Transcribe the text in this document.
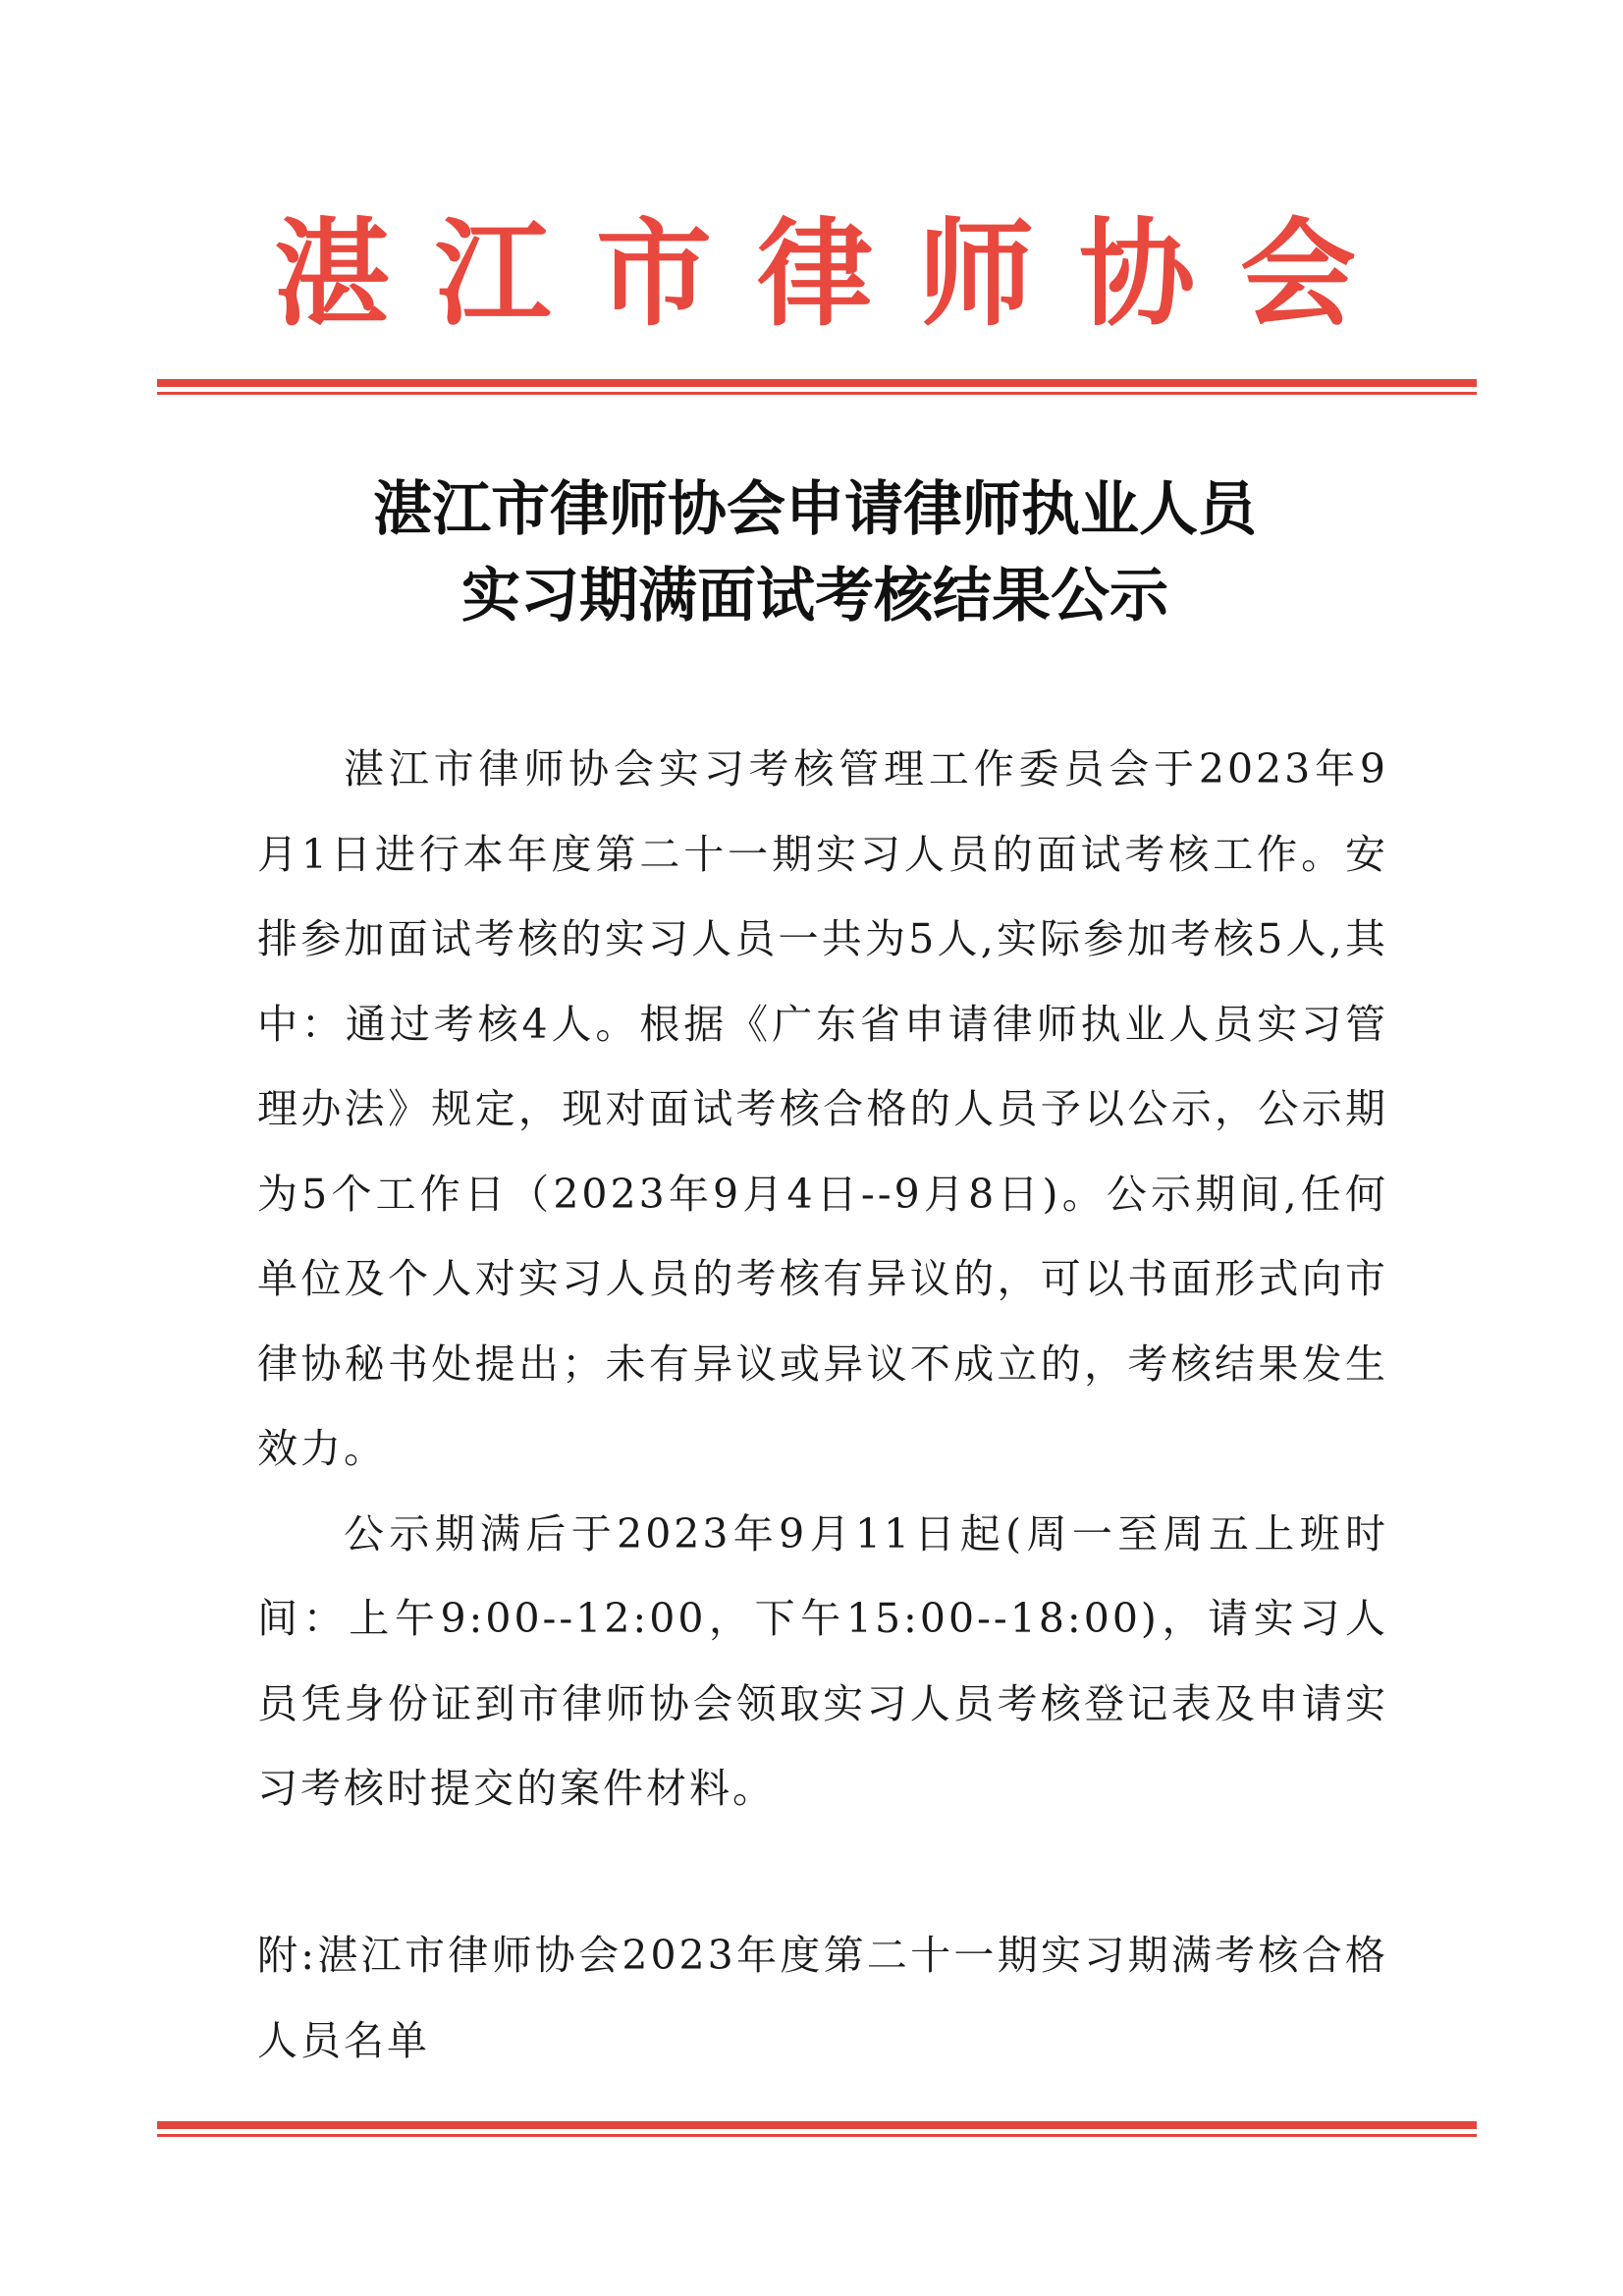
湛江市律师协会
湛江市律师协会申请律师执业人员
实习期满面试考核结果公示

湛江市律师协会实习考核管理工作委员会于2023年9月1日进行本年度第二十一期实习人员的面试考核工作。安排参加面试考核的实习人员一共为5人,实际参加考核5人,其中：通过考核4人。根据《广东省申请律师执业人员实习管理办法》规定，现对面试考核合格的人员予以公示，公示期为5个工作日（2023年9月4日--9月8日)。公示期间,任何单位及个人对实习人员的考核有异议的，可以书面形式向市律协秘书处提出；未有异议或异议不成立的，考核结果发生效力。

公示期满后于2023年9月11日起(周一至周五上班时间：上午9:00--12:00，下午15:00--18:00)，请实习人员凭身份证到市律师协会领取实习人员考核登记表及申请实习考核时提交的案件材料。

附:湛江市律师协会2023年度第二十一期实习期满考核合格人员名单
